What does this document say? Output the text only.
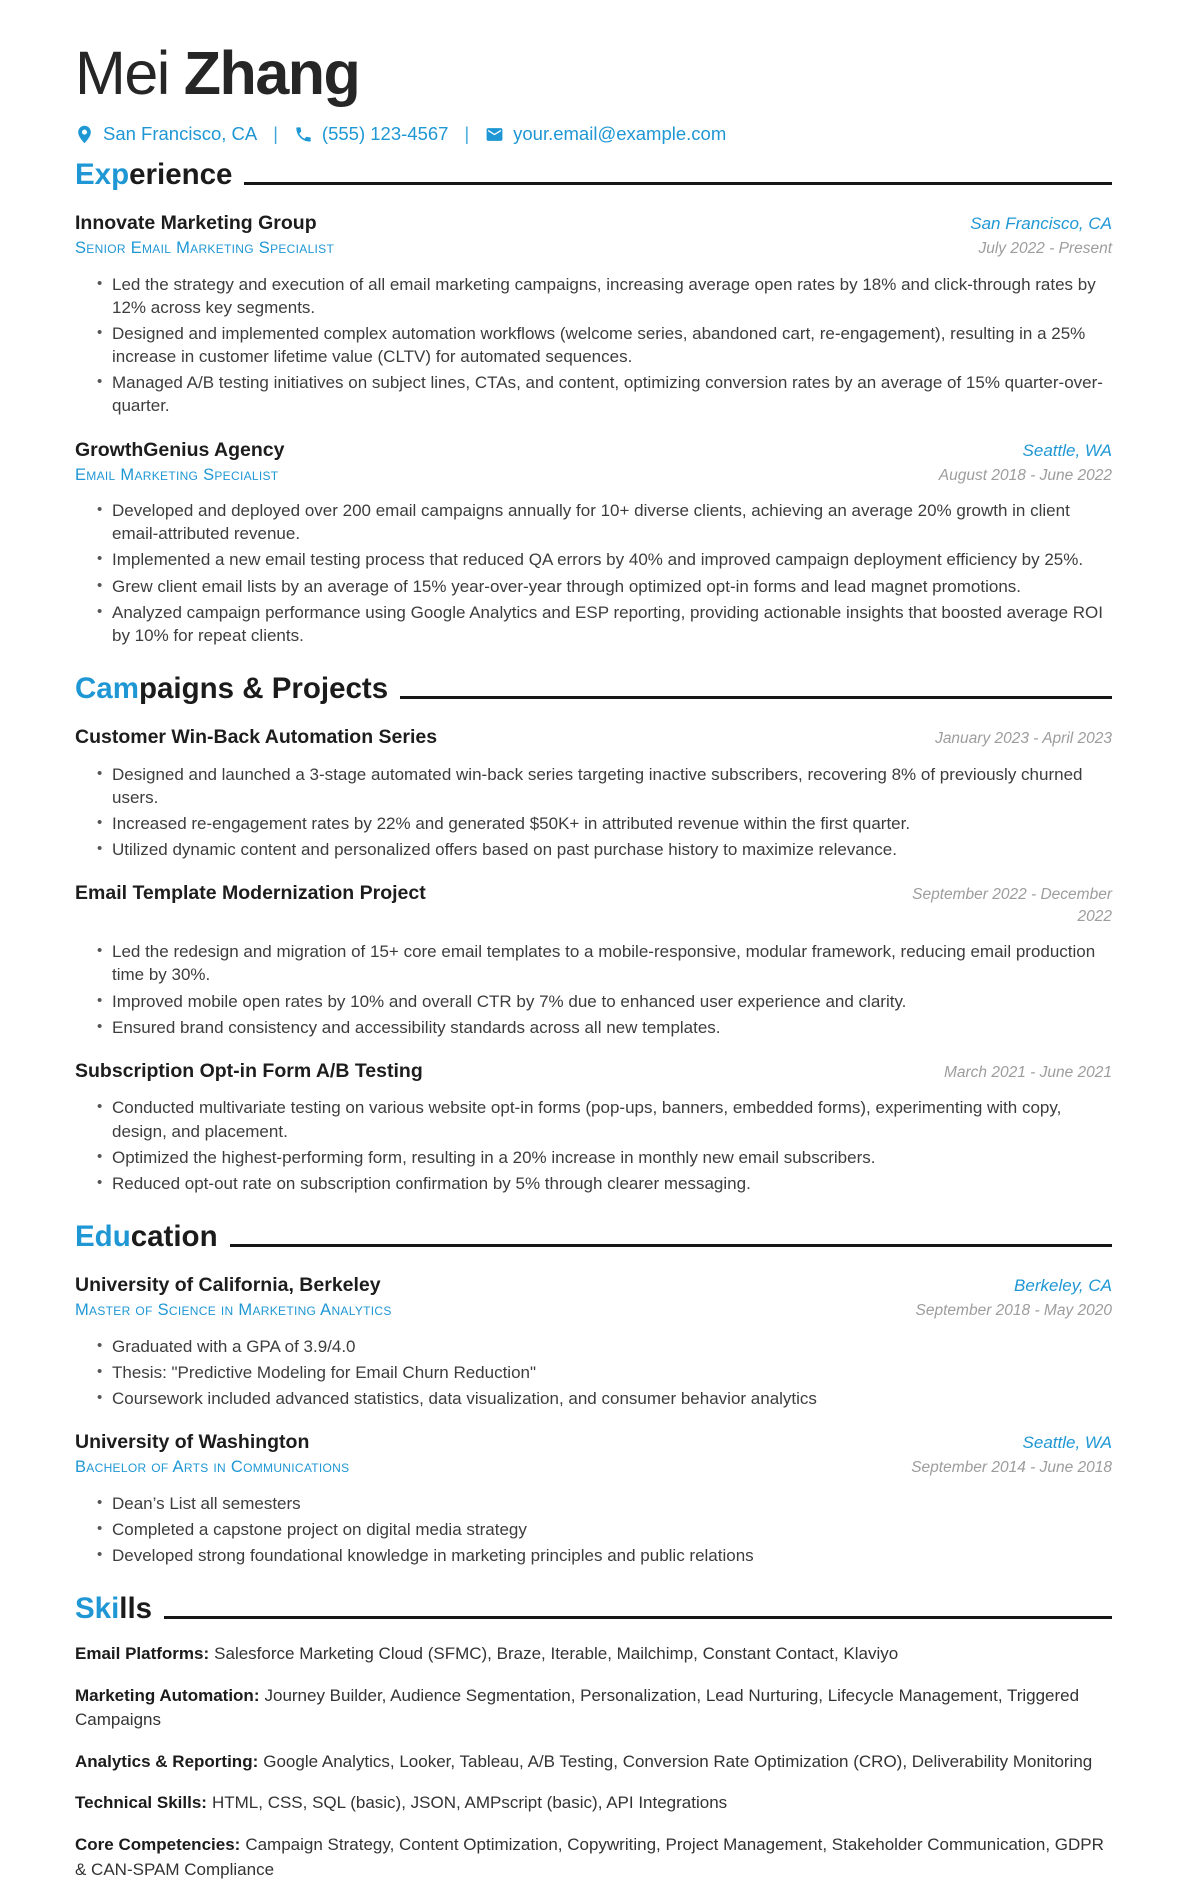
Mei Zhang
San Francisco, CA | (555) 123-4567 | your.email@example.com
Exp erience
Innovate Marketing Group	San Francisco, CA
Senior Email Marketing Specialist	July 2022 - Present
• Led the strategy and execution of all email marketing campaigns, increasing average open rates by 18% and click-through rates by 12% across key segments.
• Designed and implemented complex automation workflows (welcome series, abandoned cart, re-engagement), resulting in a 25% increase in customer lifetime value (CLTV) for automated sequences.
• Managed A/B testing initiatives on subject lines, CTAs, and content, optimizing conversion rates by an average of 15% quarter-over-quarter.
GrowthGenius Agency	Seattle, WA
Email Marketing Specialist	August 2018 - June 2022
• Developed and deployed over 200 email campaigns annually for 10+ diverse clients, achieving an average 20% growth in client email-attributed revenue.
• Implemented a new email testing process that reduced QA errors by 40% and improved campaign deployment efficiency by 25%.
• Grew client email lists by an average of 15% year-over-year through optimized opt-in forms and lead magnet promotions.
• Analyzed campaign performance using Google Analytics and ESP reporting, providing actionable insights that boosted average ROI by 10% for repeat clients.
Cam paigns & Projects
Customer Win-Back Automation Series	January 2023 - April 2023
• Designed and launched a 3-stage automated win-back series targeting inactive subscribers, recovering 8% of previously churned users.
• Increased re-engagement rates by 22% and generated $50K+ in attributed revenue within the first quarter.
• Utilized dynamic content and personalized offers based on past purchase history to maximize relevance.
Email Template Modernization Project	September 2022 - December 2022
• Led the redesign and migration of 15+ core email templates to a mobile-responsive, modular framework, reducing email production time by 30%.
• Improved mobile open rates by 10% and overall CTR by 7% due to enhanced user experience and clarity.
• Ensured brand consistency and accessibility standards across all new templates.
Subscription Opt-in Form A/B Testing	March 2021 - June 2021
• Conducted multivariate testing on various website opt-in forms (pop-ups, banners, embedded forms), experimenting with copy, design, and placement.
• Optimized the highest-performing form, resulting in a 20% increase in monthly new email subscribers.
• Reduced opt-out rate on subscription confirmation by 5% through clearer messaging.
Edu cation
University of California, Berkeley	Berkeley, CA
Master of Science in Marketing Analytics	September 2018 - May 2020
• Graduated with a GPA of 3.9/4.0
• Thesis: "Predictive Modeling for Email Churn Reduction"
• Coursework included advanced statistics, data visualization, and consumer behavior analytics
University of Washington	Seattle, WA
Bachelor of Arts in Communications	September 2014 - June 2018
• Dean’s List all semesters
• Completed a capstone project on digital media strategy
• Developed strong foundational knowledge in marketing principles and public relations
Ski lls

Email Platforms: Salesforce Marketing Cloud (SFMC), Braze, Iterable, Mailchimp, Constant Contact, Klaviyo

Marketing Automation: Journey Builder, Audience Segmentation, Personalization, Lead Nurturing, Lifecycle Management, Triggered Campaigns

Analytics & Reporting: Google Analytics, Looker, Tableau, A/B Testing, Conversion Rate Optimization (CRO), Deliverability Monitoring

Technical Skills: HTML, CSS, SQL (basic), JSON, AMPscript (basic), API Integrations

Core Competencies: Campaign Strategy, Content Optimization, Copywriting, Project Management, Stakeholder Communication, GDPR & CAN-SPAM Compliance
